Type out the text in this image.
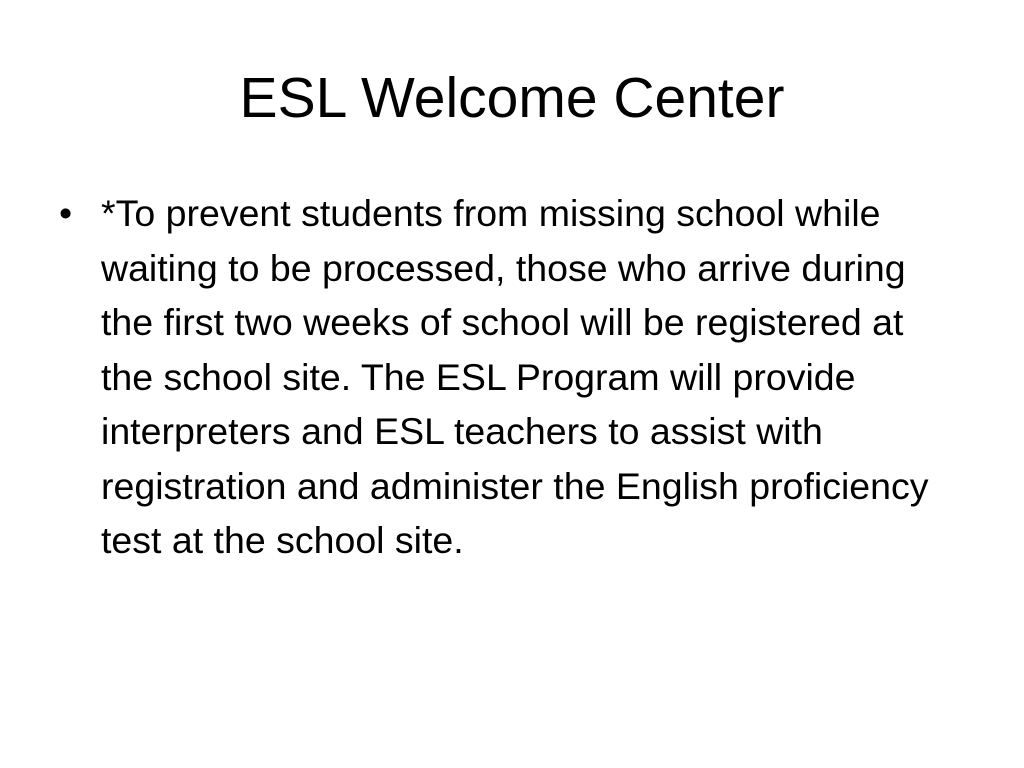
ESL Welcome Center
• *To prevent students from missing school while waiting to be processed, those who arrive during the first two weeks of school will be registered at the school site. The ESL Program will provide interpreters and ESL teachers to assist with registration and administer the English proficiency test at the school site.
